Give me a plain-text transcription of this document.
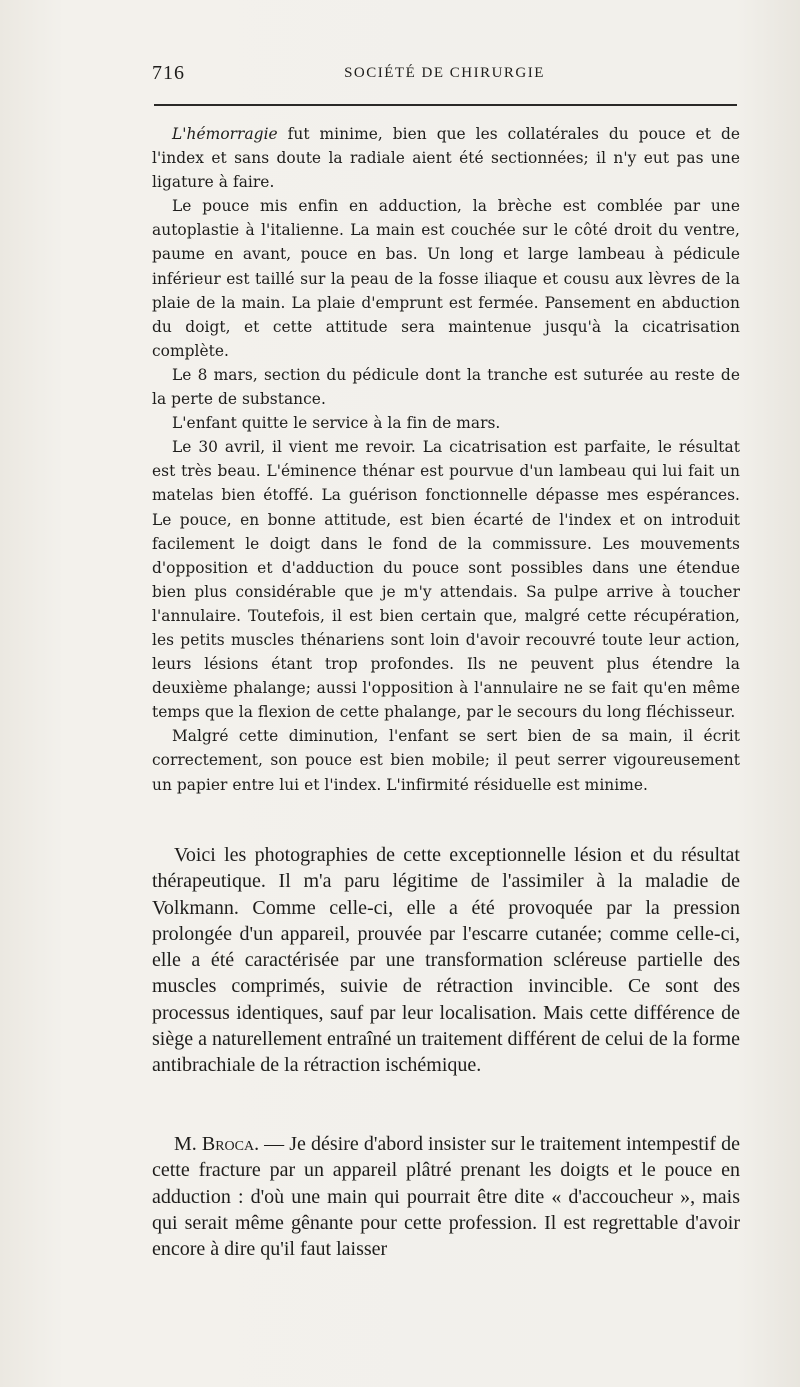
716	SOCIÉTÉ DE CHIRURGIE

L'hémorragie fut minime, bien que les collatérales du pouce et de l'index et sans doute la radiale aient été sectionnées; il n'y eut pas une ligature à faire.

Le pouce mis enfin en adduction, la brèche est comblée par une autoplastie à l'italienne. La main est couchée sur le côté droit du ventre, paume en avant, pouce en bas. Un long et large lambeau à pédicule inférieur est taillé sur la peau de la fosse iliaque et cousu aux lèvres de la plaie de la main. La plaie d'emprunt est fermée. Pansement en abduction du doigt, et cette attitude sera maintenue jusqu'à la cicatrisation complète.

Le 8 mars, section du pédicule dont la tranche est suturée au reste de la perte de substance.

L'enfant quitte le service à la fin de mars.

Le 30 avril, il vient me revoir. La cicatrisation est parfaite, le résultat est très beau. L'éminence thénar est pourvue d'un lambeau qui lui fait un matelas bien étoffé. La guérison fonctionnelle dépasse mes espérances. Le pouce, en bonne attitude, est bien écarté de l'index et on introduit facilement le doigt dans le fond de la commissure. Les mouvements d'opposition et d'adduction du pouce sont possibles dans une étendue bien plus considérable que je m'y attendais. Sa pulpe arrive à toucher l'annulaire. Toutefois, il est bien certain que, malgré cette récupération, les petits muscles thénariens sont loin d'avoir recouvré toute leur action, leurs lésions étant trop profondes. Ils ne peuvent plus étendre la deuxième phalange; aussi l'opposition à l'annulaire ne se fait qu'en même temps que la flexion de cette phalange, par le secours du long fléchisseur.

Malgré cette diminution, l'enfant se sert bien de sa main, il écrit correctement, son pouce est bien mobile; il peut serrer vigoureusement un papier entre lui et l'index. L'infirmité résiduelle est minime.

Voici les photographies de cette exceptionnelle lésion et du résultat thérapeutique. Il m'a paru légitime de l'assimiler à la maladie de Volkmann. Comme celle-ci, elle a été provoquée par la pression prolongée d'un appareil, prouvée par l'escarre cutanée; comme celle-ci, elle a été caractérisée par une transformation scléreuse partielle des muscles comprimés, suivie de rétraction invincible. Ce sont des processus identiques, sauf par leur localisation. Mais cette différence de siège a naturellement entraîné un traitement différent de celui de la forme antibrachiale de la rétraction ischémique.

M. Broca. — Je désire d'abord insister sur le traitement intempestif de cette fracture par un appareil plâtré prenant les doigts et le pouce en adduction : d'où une main qui pourrait être dite « d'accoucheur », mais qui serait même gênante pour cette profession. Il est regrettable d'avoir encore à dire qu'il faut laisser
